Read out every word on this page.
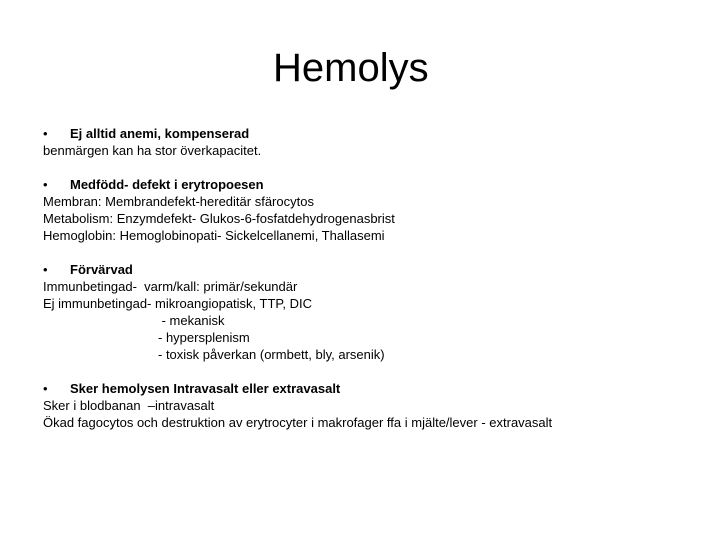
Hemolys
• Ej alltid anemi, kompenserad
benmärgen kan ha stor överkapacitet.
• Medfödd- defekt i erytropoesen
Membran: Membrandefekt-hereditär sfärocytos
Metabolism: Enzymdefekt- Glukos-6-fosfatdehydrogenasbrist
Hemoglobin: Hemoglobinopati- Sickelcellanemi, Thallasemi
• Förvärvad
Immunbetingad-  varm/kall: primär/sekundär
Ej immunbetingad- mikroangiopatisk, TTP, DIC
- mekanisk
- hypersplenism
- toxisk påverkan (ormbett, bly, arsenik)
• Sker hemolysen Intravasalt eller extravasalt
Sker i blodbanan  –intravasalt
Ökad fagocytos och destruktion av erytrocyter i makrofager ffa i mjälte/lever - extravasalt
